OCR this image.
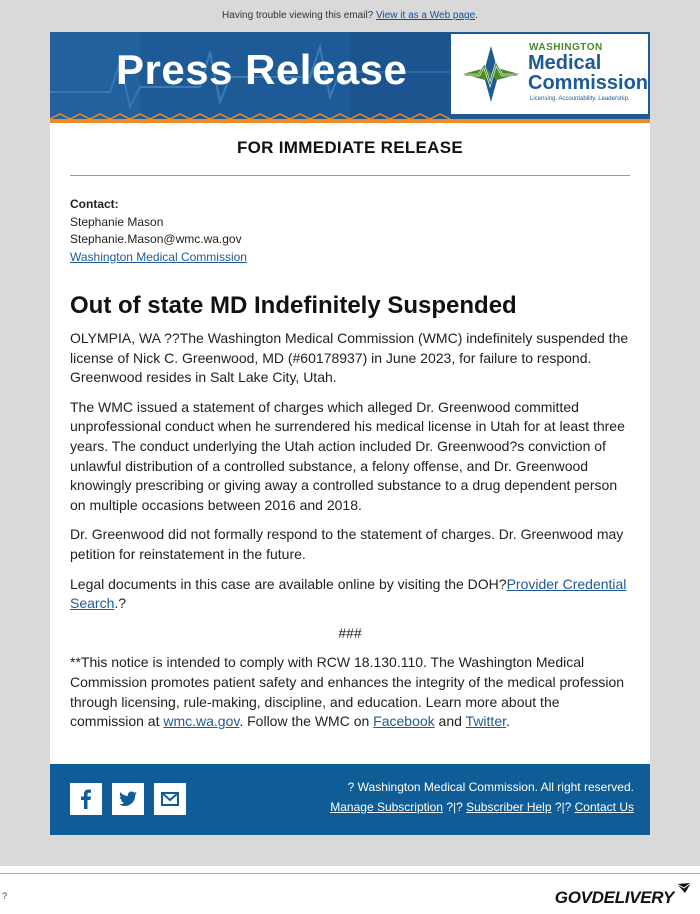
Having trouble viewing this email? View it as a Web page.
Press Release	WASHINGTON
Medical
Commission
Licensing. Accountability. Leadership.
FOR IMMEDIATE RELEASE
Contact:
Stephanie Mason
Stephanie.Mason@wmc.wa.gov
Washington Medical Commission
Out of state MD Indefinitely Suspended

OLYMPIA, WA ??The Washington Medical Commission (WMC) indefinitely suspended the license of Nick C. Greenwood, MD (#60178937) in June 2023, for failure to respond. Greenwood resides in Salt Lake City, Utah.

The WMC issued a statement of charges which alleged Dr. Greenwood committed unprofessional conduct when he surrendered his medical license in Utah for at least three years. The conduct underlying the Utah action included Dr. Greenwood?s conviction of unlawful distribution of a controlled substance, a felony offense, and Dr. Greenwood knowingly prescribing or giving away a controlled substance to a drug dependent person on multiple occasions between 2016 and 2018.

Dr. Greenwood did not formally respond to the statement of charges. Dr. Greenwood may petition for reinstatement in the future.

Legal documents in this case are available online by visiting the DOH?Provider Credential Search.?

###

**This notice is intended to comply with RCW 18.130.110. The Washington Medical Commission promotes patient safety and enhances the integrity of the medical profession through licensing, rule-making, discipline, and education. Learn more about the commission at wmc.wa.gov. Follow the WMC on Facebook and Twitter.

? Washington Medical Commission. All right reserved.
Manage Subscription ?|? Subscriber Help ?|? Contact Us
?	GOVDELIVERY
